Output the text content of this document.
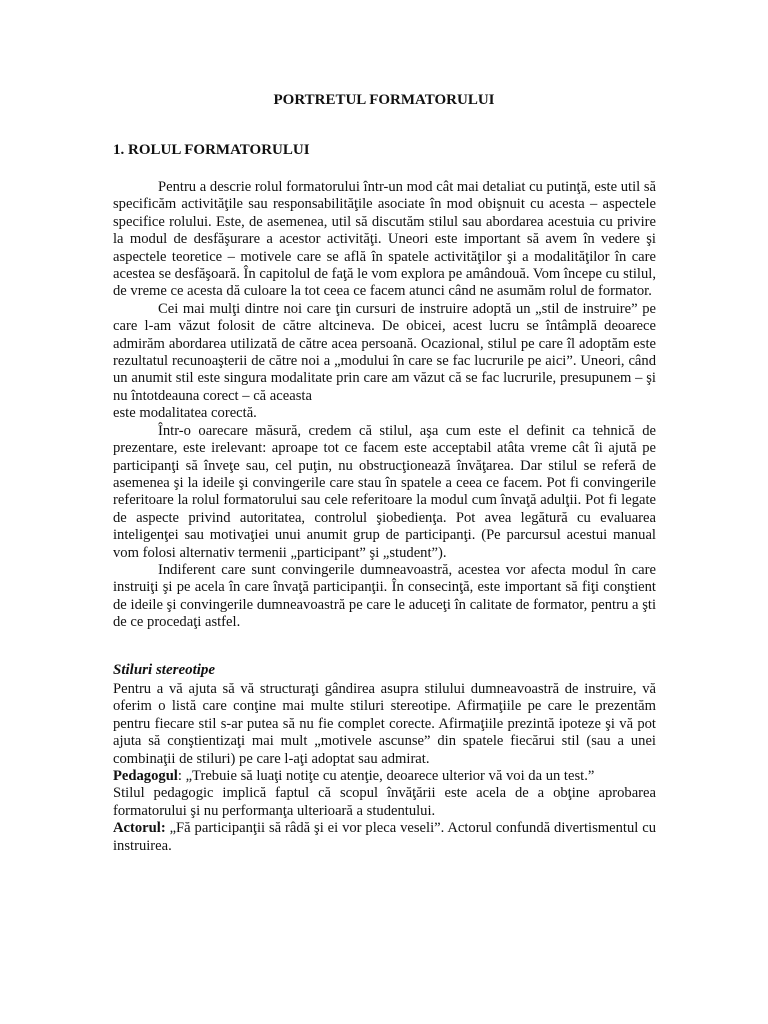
PORTRETUL FORMATORULUI
1. ROLUL FORMATORULUI

Pentru a descrie rolul formatorului într-un mod cât mai detaliat cu putinţă, este util să specificăm activităţile sau responsabilităţile asociate în mod obişnuit cu acesta – aspectele specifice rolului. Este, de asemenea, util să discutăm stilul sau abordarea acestuia cu privire la modul de desfăşurare a acestor activităţi. Uneori este important să avem în vedere şi aspectele teoretice – motivele care se află în spatele activităţilor şi a modalităţilor în care acestea se desfăşoară. În capitolul de faţă le vom explora pe amândouă. Vom începe cu stilul, de vreme ce acesta dă culoare la tot ceea ce facem atunci când ne asumăm rolul de formator.

Cei mai mulţi dintre noi care ţin cursuri de instruire adoptă un „stil de instruire” pe care l-am văzut folosit de către altcineva. De obicei, acest lucru se întâmplă deoarece admirăm abordarea utilizată de către acea persoană. Ocazional, stilul pe care îl adoptăm este rezultatul recunoaşterii de către noi a „modului în care se fac lucrurile pe aici”. Uneori, când un anumit stil este singura modalitate prin care am văzut că se fac lucrurile, presupunem – şi nu întotdeauna corect – că aceasta

este modalitatea corectă.

Într-o oarecare măsură, credem că stilul, aşa cum este el definit ca tehnică de prezentare, este irelevant: aproape tot ce facem este acceptabil atâta vreme cât îi ajută pe participanţi să înveţe sau, cel puţin, nu obstrucţionează învăţarea. Dar stilul se referă de asemenea şi la ideile şi convingerile care stau în spatele a ceea ce facem. Pot fi convingerile referitoare la rolul formatorului sau cele referitoare la modul cum învaţă adulţii. Pot fi legate de aspecte privind autoritatea, controlul şiobedienţa. Pot avea legătură cu evaluarea inteligenţei sau motivaţiei unui anumit grup de participanţi. (Pe parcursul acestui manual vom folosi alternativ termenii „participant” şi „student”).

Indiferent care sunt convingerile dumneavoastră, acestea vor afecta modul în care instruiţi şi pe acela în care învaţă participanţii. În consecinţă, este important să fiţi conştient de ideile şi convingerile dumneavoastră pe care le aduceţi în calitate de formator, pentru a şti de ce procedaţi astfel.

Stiluri stereotipe

Pentru a vă ajuta să vă structuraţi gândirea asupra stilului dumneavoastră de instruire, vă oferim o listă care conţine mai multe stiluri stereotipe. Afirmaţiile pe care le prezentăm pentru fiecare stil s-ar putea să nu fie complet corecte. Afirmaţiile prezintă ipoteze şi vă pot ajuta să conştientizaţi mai mult „motivele ascunse” din spatele fiecărui stil (sau a unei combinaţii de stiluri) pe care l-aţi adoptat sau admirat.

Pedagogul: „Trebuie să luaţi notiţe cu atenţie, deoarece ulterior vă voi da un test.”

Stilul pedagogic implică faptul că scopul învăţării este acela de a obţine aprobarea formatorului şi nu performanţa ulterioară a studentului.

Actorul: „Fă participanţii să râdă şi ei vor pleca veseli”. Actorul confundă divertismentul cu instruirea.
